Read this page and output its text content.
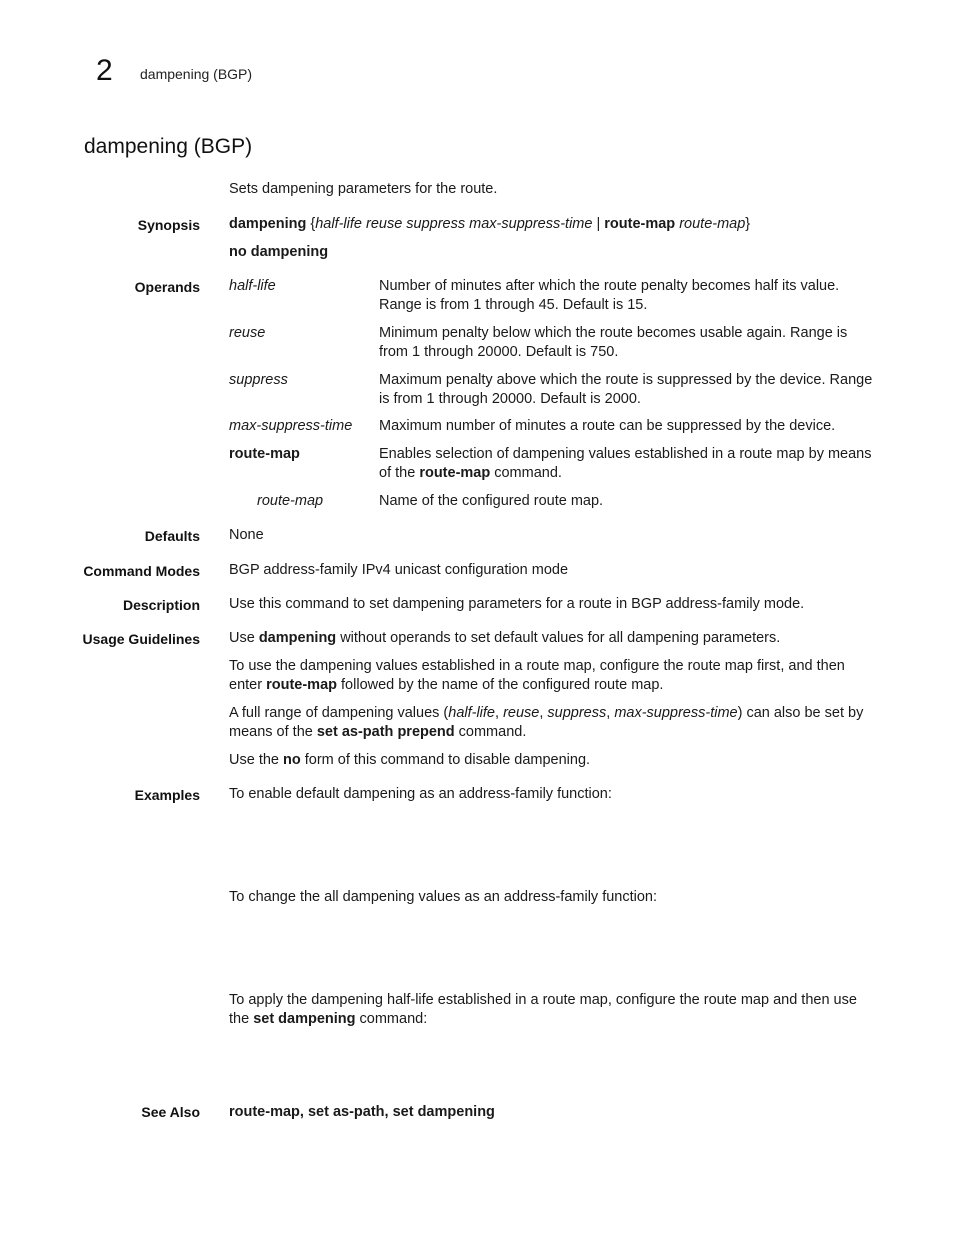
2 dampening (BGP)
dampening (BGP)
Sets dampening parameters for the route.
Synopsis dampening {half-life reuse suppress max-suppress-time | route-map route-map}
no dampening
Operands half-life	Number of minutes after which the route penalty becomes half its value. Range is from 1 through 45. Default is 15.
reuse	Minimum penalty below which the route becomes usable again. Range is from 1 through 20000. Default is 750.
suppress	Maximum penalty above which the route is suppressed by the device. Range is from 1 through 20000. Default is 2000.
max-suppress-time	Maximum number of minutes a route can be suppressed by the device.
route-map	Enables selection of dampening values established in a route map by means of the route-map command.
route-map	Name of the configured route map.
Defaults None
Command Modes BGP address-family IPv4 unicast configuration mode
Description Use this command to set dampening parameters for a route in BGP address-family mode.
Usage Guidelines Use dampening without operands to set default values for all dampening parameters.
To use the dampening values established in a route map, configure the route map first, and then enter route-map followed by the name of the configured route map.
A full range of dampening values (half-life, reuse, suppress, max-suppress-time) can also be set by means of the set as-path prepend command.
Use the no form of this command to disable dampening.
Examples To enable default dampening as an address-family function:
To change the all dampening values as an address-family function:
To apply the dampening half-life established in a route map, configure the route map and then use the set dampening command:
See Also route-map, set as-path, set dampening
